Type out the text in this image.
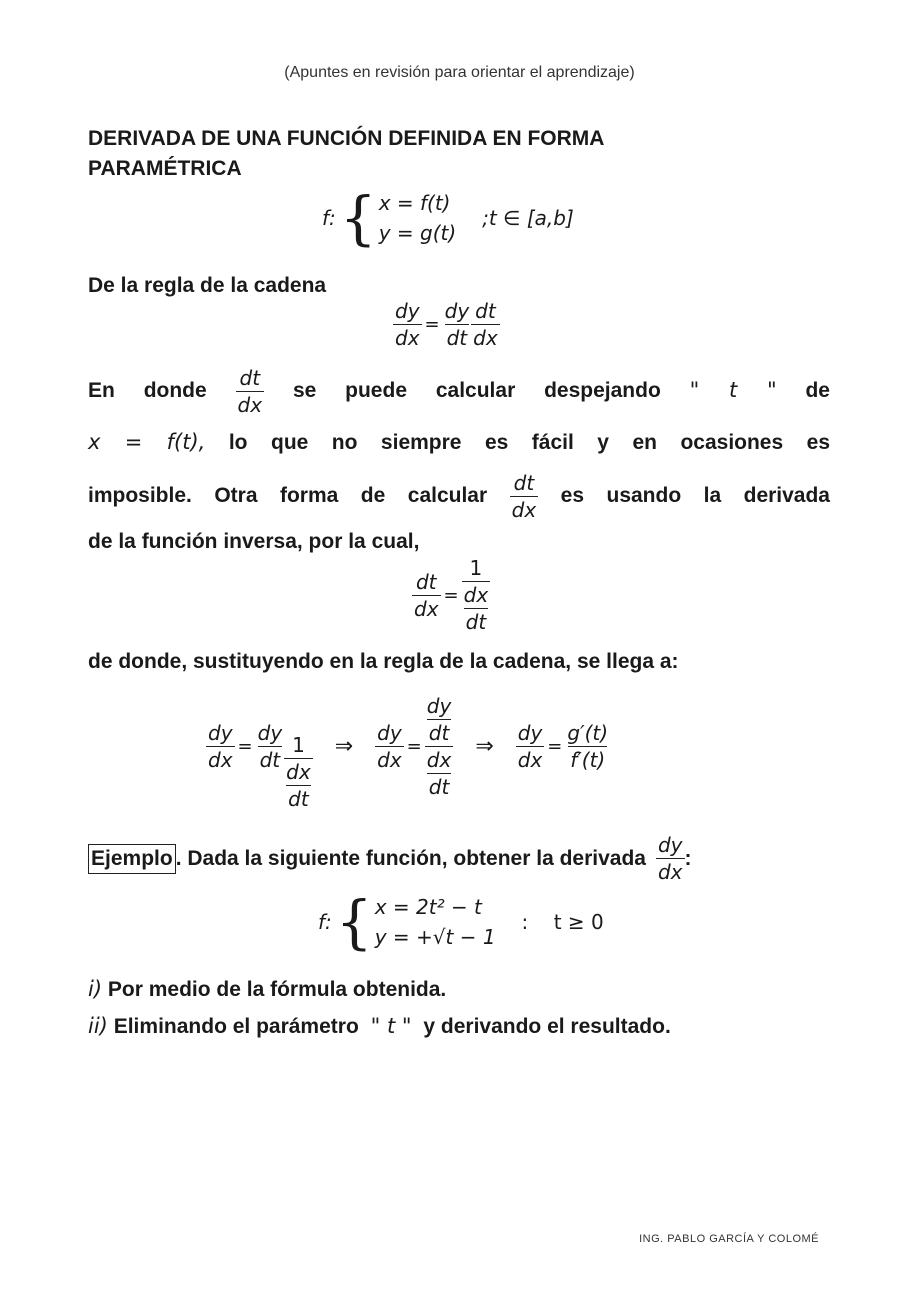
(Apuntes en revisión para orientar el aprendizaje)
DERIVADA DE UNA FUNCIÓN DEFINIDA EN FORMA
PARAMÉTRICA
f: { x = f(t)
y = g(t)
;t ∈ [a,b]
De la regla de la cadena
$\frac{dy}{dx} = \frac{dy}{dt} \frac{dt}{dx}$
En donde $\frac{dt}{dx}$ se puede calcular despejando " t " de
x = f(t), lo que no siempre es fácil y en ocasiones es
imposible. Otra forma de calcular $\frac{dt}{dx}$ es usando la derivada
de la función inversa, por la cual,
$\frac{dt}{dx} = \frac{1}{\frac{dx}{dt}}$
de donde, sustituyendo en la regla de la cadena, se llega a:
$\frac{dy}{dx} = \frac{dy}{dt} \frac{1}{\frac{dx}{dt}}$ ⇒ $\frac{dy}{dx} = \frac{\frac{dy}{dt}}{\frac{dx}{dt}}$ ⇒ $\frac{dy}{dx} = \frac{g'(t)}{f'(t)}$
Ejemplo . Dada la siguiente función, obtener la derivada $\frac{dy}{dx}$ :
f: { x = 2t² − t
y = +√t − 1
:    t ≥ 0
i) Por medio de la fórmula obtenida.
ii) Eliminando el parámetro " t " y derivando el resultado.
ING. PABLO GARCÍA Y COLOMÉ
